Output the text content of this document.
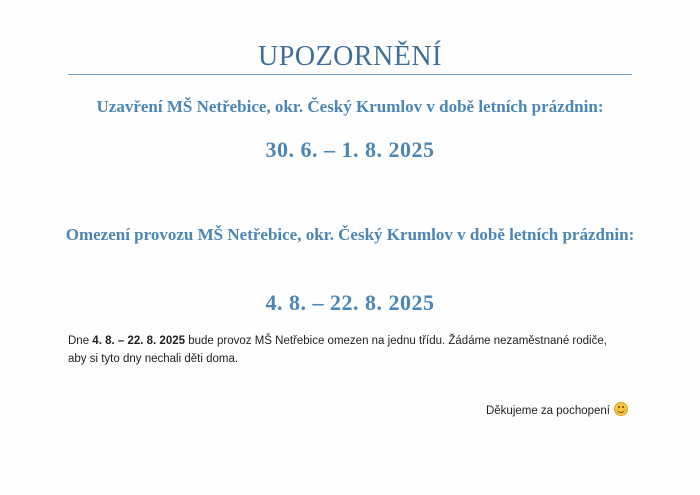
UPOZORNĚNÍ
Uzavření MŠ Netřebice, okr. Český Krumlov v době letních prázdnin:
30. 6. – 1. 8. 2025
Omezení provozu MŠ Netřebice, okr. Český Krumlov v době letních prázdnin:
4. 8. – 22. 8. 2025
Dne 4. 8. – 22. 8. 2025 bude provoz MŠ Netřebice omezen na jednu třídu. Žádáme nezaměstnané rodiče, aby si tyto dny nechali děti doma.
Děkujeme za pochopení
